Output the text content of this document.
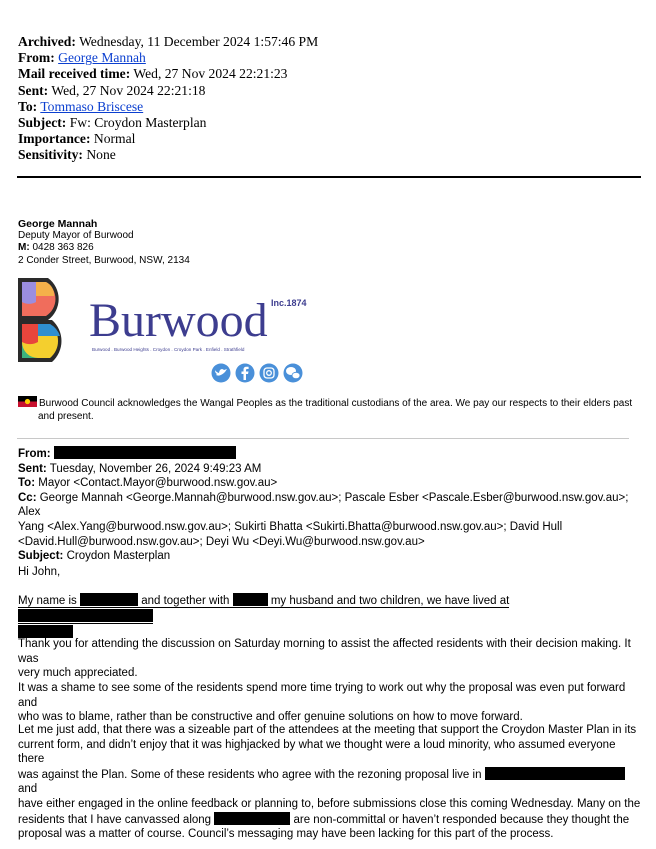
Archived: Wednesday, 11 December 2024 1:57:46 PM
From: George Mannah
Mail received time: Wed, 27 Nov 2024 22:21:23
Sent: Wed, 27 Nov 2024 22:21:18
To: Tommaso Briscese
Subject: Fw: Croydon Masterplan
Importance: Normal
Sensitivity: None
George Mannah
Deputy Mayor of Burwood
M: 0428 363 826
2 Conder Street, Burwood, NSW, 2134
Burwood Inc.1874
Burwood . Burwood Heights . Croydon . Croydon Park . Enfield . Strathfield
Burwood Council acknowledges the Wangal Peoples as the traditional custodians of the area. We pay our respects to their elders past
and present.
From:
Sent: Tuesday, November 26, 2024 9:49:23 AM
To: Mayor <Contact.Mayor@burwood.nsw.gov.au>
Cc: George Mannah <George.Mannah@burwood.nsw.gov.au>; Pascale Esber <Pascale.Esber@burwood.nsw.gov.au>; Alex
Yang <Alex.Yang@burwood.nsw.gov.au>; Sukirti Bhatta <Sukirti.Bhatta@burwood.nsw.gov.au>; David Hull
<David.Hull@burwood.nsw.gov.au>; Deyi Wu <Deyi.Wu@burwood.nsw.gov.au>
Subject: Croydon Masterplan

Hi John,

My name is	and together with	my husband and two children, we have lived at

Thank you for attending the discussion on Saturday morning to assist the affected residents with their decision making. It was

very much appreciated.

It was a shame to see some of the residents spend more time trying to work out why the proposal was even put forward and

who was to blame, rather than be constructive and offer genuine solutions on how to move forward.

Let me just add, that there was a sizeable part of the attendees at the meeting that support the Croydon Master Plan in its

current form, and didn’t enjoy that it was highjacked by what we thought were a loud minority, who assumed everyone there

was against the Plan. Some of these residents who agree with the rezoning proposal live in  and

have either engaged in the online feedback or planning to, before submissions close this coming Wednesday. Many on the

residents that I have canvassed along	are non-committal or haven’t responded because they thought the

proposal was a matter of course. Council’s messaging may have been lacking for this part of the process.
